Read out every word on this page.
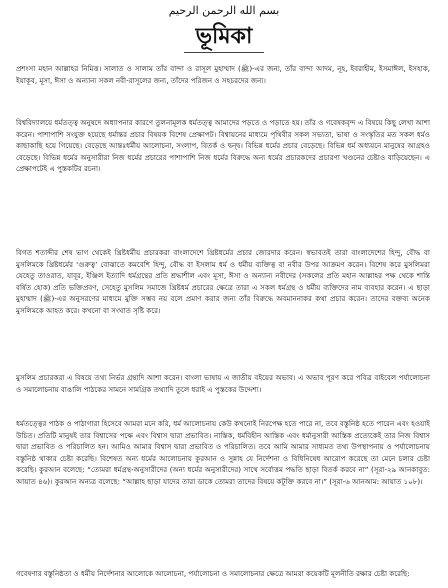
بسم الله الرحمن الرحيم
ভূমিকা
প্রশংসা মহান আল্লাহর নিমিত্ত। সালাত ও সালাম তাঁর বান্দা ও রাসূল মুহাম্মাদ (ﷺ)-এর জন্য, তাঁর বান্দা আদম, নূহ, ইবরাহীম, ইসমাঈল, ইসহাক, ইয়াকূব, মূসা, ঈসা ও অন্যান্য সকল নবী-রাসূলের জন্য, তাঁদের পরিজন ও সহচরদের জন্য।
বিশ্ববিদ্যালয়ে ধর্মতত্ত্ব অনুষদে অধ্যাপনার কারণে তুলনামূলক ধর্মতত্ত্ব আমাদের পড়তে ও পড়াতে হয়। তাঁর ও গবেষকবৃন্দ এ বিষয়ে কিছু লেখা আশা করেন। পাশাপাশি সংযুক্ত হয়েছে ধর্মান্তর প্রচার বিষয়ক বিশেষ প্রেক্ষাপট। বিশ্বায়নের মাধ্যমে পৃথিবীর সকল সভ্যতা, ভাষা ও সংস্কৃতির মত সকল ধর্মও কাছাকাছি হয়ে গিয়েছে। বেড়েছে আন্তঃধর্মীয় আলোচনা, সংলাপ, বিতর্ক ও দ্বন্দ্ব। বিভিন্ন ধর্মের প্রচার বেড়েছে। বিভিন্ন ধর্ম অধ্যয়নে মানুষের আগ্রহও বেড়েছে। বিভিন্ন ধর্মের অনুসারীরা নিজ ধর্মের প্রচারের পাশাপাশি নিজ ধর্মের বিরুদ্ধে অন্য ধর্মের প্রচারকদের প্রচারণা খণ্ডনের চেষ্টাও বাড়িয়েছেন। এ প্রেক্ষাপটেই এ পুস্তকটির রচনা।
বিগত শতাব্দীর শেষ ভাগ থেকেই খ্রিষ্টধর্মীয় প্রচারকরা বাংলাদেশে খ্রিষ্টধর্মের প্রচার জোরদার করেন। স্বভাবতই তারা বাংলাদেশের হিন্দু, বৌদ্ধ বা মুসলিমকে খ্রিষ্টধর্মের ‘গুরুত্ব’ বোঝাতে কমবেশি হিন্দু, বৌদ্ধ বা ইসলাম ধর্ম ও ধর্মীয় ব্যক্তিত্ব বা নবীর উপর আক্রমণ করেন। বিশেষ করে মুসলিমরা যেহেতু তাওরাত, যাবূর, ইঞ্জিল ইত্যাদি ধর্মগ্রন্থের প্রতি শ্রদ্ধাশীল এবং মূসা, ঈসা ও অন্যান্য নবীদের (সকলের প্রতি মহান আল্লাহর পক্ষ থেকে শান্তি বর্ষিত হোক) প্রতি ভক্তিপ্রবণ, সেহেতু মুসলিম সমাজে খ্রিষ্টধর্ম প্রচারের ক্ষেত্রে তারা এ সকল ধর্মগ্রন্থ ও ধর্মীয় ব্যক্তিদের নাম ব্যবহার করেন। এ ছাড়া মুহাম্মাদ (ﷺ)-এর অনুসরণের মাধ্যমে মুক্তি সম্ভব নয় বলে প্রমাণ করার জন্য তাঁর বিরুদ্ধে অবমাননাকর কথা প্রচার করেন। তাদের বক্তব্য অনেক মুসলিমকে আহত করে। কখনো বা সংঘাত সৃষ্টি করে।
মুসলিম প্রচারকরা এ বিষয়ে তথ্য নির্ভর গ্রন্থাদি আশা করেন। বাংলা ভাষায় এ জাতীয় বইয়ের অভাব। এ অভাব পূরণ করে পবিত্র বাইবেল পর্যালোচনা ও সমালোচনায় বাঙালি পাঠকের সামনে সামগ্রিক তথ্যাদি তুলে ধরাই এ পুস্তকের উদ্দেশ্য।
ধর্মতত্ত্বের পাঠক ও পাঠাগারা হিসেবে আমরা মনে করি, ধর্ম আলোচনায় কেউ কখনোই নিরপেক্ষ হতে পারে না, তবে বস্তুনিষ্ঠ হতে পারেন এবং হওয়াই উচিত। প্রতিটি মানুষই তার বিশ্বাসের পক্ষে এবং বিশ্বাস দ্বারা প্রভাবিত। নাস্তিক, ধর্মবিহীন আস্তিক এবং ধর্মানুসারী আস্তিক প্রত্যেকেই তার নিজ বিশ্বাস দ্বারা প্রভাবিত ও পরিচালিত হন। আমিও আমার বিশ্বাস দ্বারা প্রভাবিত ও পরিচালিত। তবে আমি আমার সাধ্যমত তথ্য উপস্থাপনায় ও পর্যালোচনায় বস্তুনিষ্ঠ থাকার চেষ্টা করেছি। বিশেষত অন্য ধর্মের আলোচনায় কুরআন ও সুন্নাহ যে নির্দেশনা ও বিধিনিষেধ আরোপ করেছে তা মেনে চলার চেষ্টা করেছি। কুরআন বলেছে: “তোমরা ধর্মগ্রন্থ-অনুসারীদের (অন্য ধর্মের অনুসারীদের) সাথে সর্বোত্তম পদ্ধতি ছাড়া বিতর্ক করবে না” (সূরা-২৯ আনকাবুত: আয়াত ৪৬)। কুরআন অন্যত্র বলেছে: “আল্লাহ ছাড়া যাদের তারা ডাকে তোমরা তাদের বিষয়ে কটূক্তি করবে না।” (সূরা-৬ আনআম: আয়াত ১০৮)।
গবেষণার বস্তুনিষ্ঠতা ও ধর্মীয় নির্দেশনার আলোকে আলোচনা, পর্যালোচনা ও সমালোচনার ক্ষেত্রে আমরা কয়েকটি মূলনীতি রক্ষার চেষ্টা করেছি:
